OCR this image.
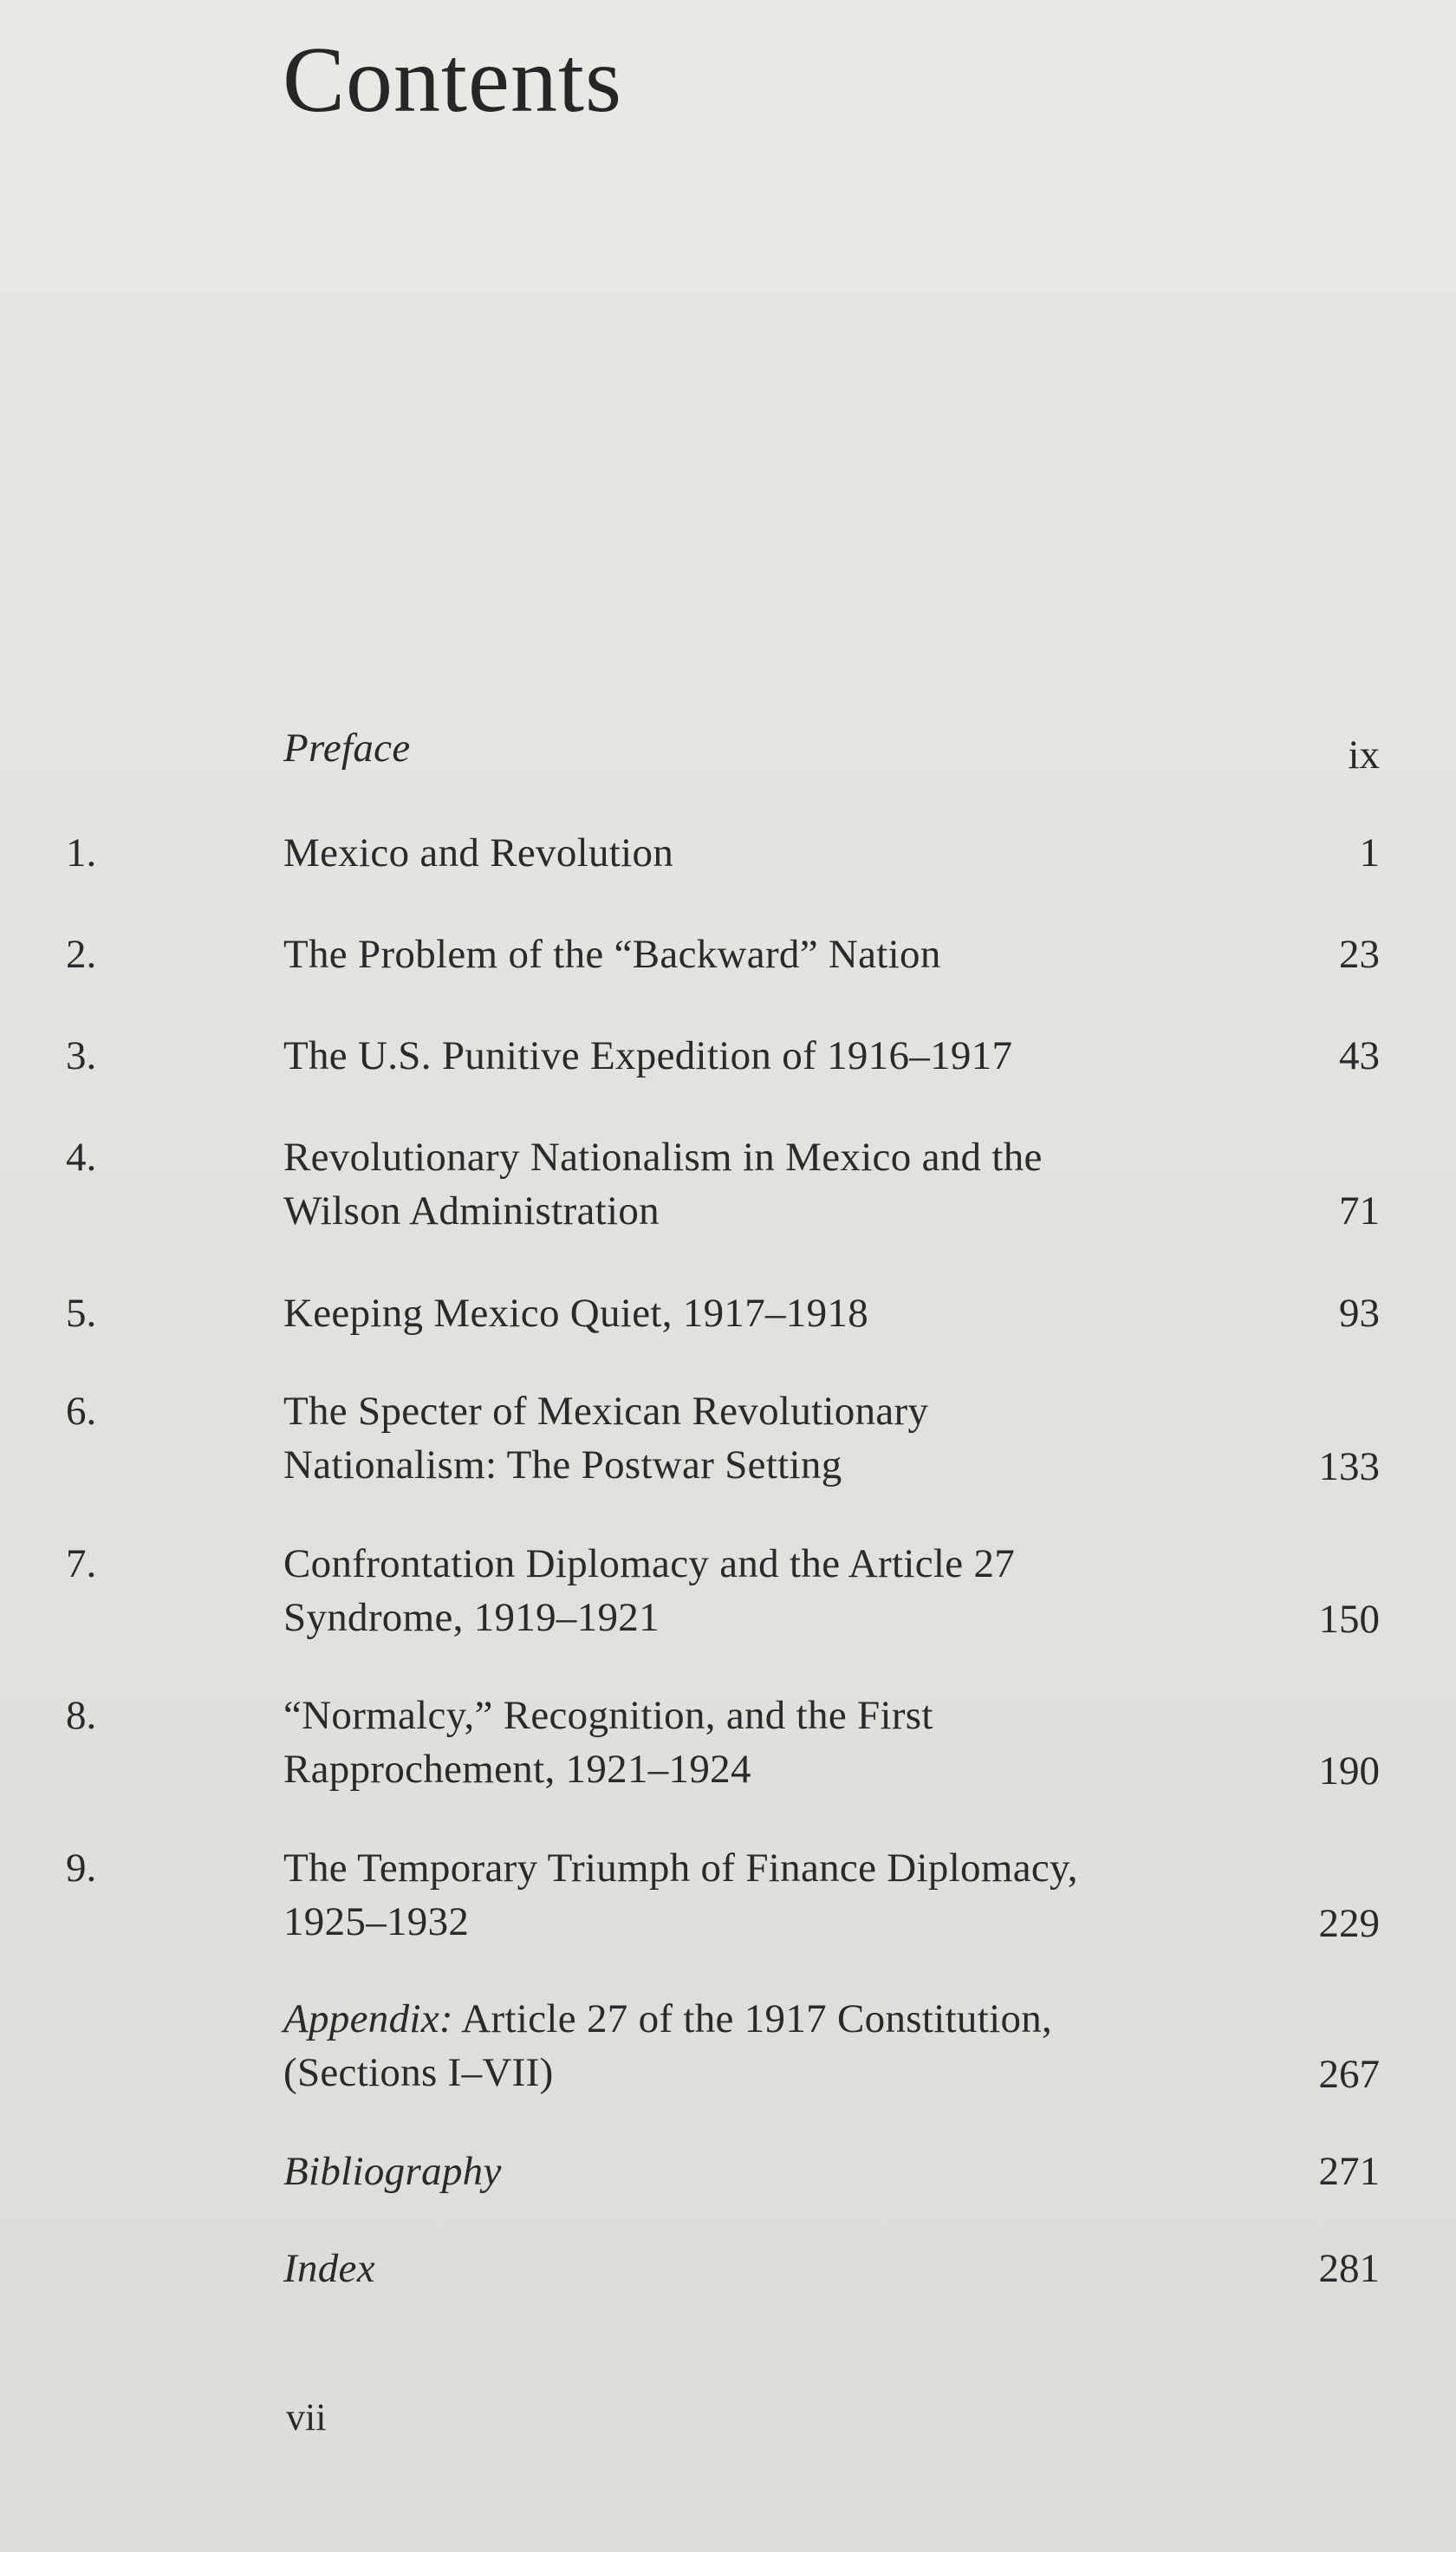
Contents
Preface	ix
1.	Mexico and Revolution	1
2.	The Problem of the “Backward” Nation	23
3.	The U.S. Punitive Expedition of 1916–1917	43
4.	Revolutionary Nationalism in Mexico and the
Wilson Administration	71
5.	Keeping Mexico Quiet, 1917–1918	93
6.	The Specter of Mexican Revolutionary
Nationalism: The Postwar Setting	133
7.	Confrontation Diplomacy and the Article 27
Syndrome, 1919–1921	150
8.	“Normalcy,” Recognition, and the First
Rapprochement, 1921–1924	190
9.	The Temporary Triumph of Finance Diplomacy,
1925–1932	229
Appendix: Article 27 of the 1917 Constitution,
(Sections I–VII)	267
Bibliography	271
Index	281
vii
